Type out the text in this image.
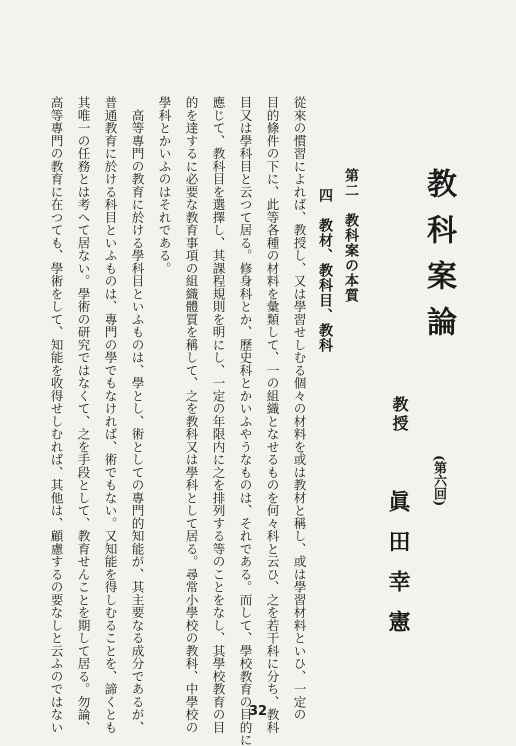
教科案論
(第六回)
教授
眞田幸憲
第二　教科案の本質
四　教材、教科目、教科
從來の慣習によれば、教授し、又は學習せしむる個々の材料を或は教材と稱し、或は學習材料といひ、一定の
目的條件の下に、此等各種の材料を彙類して、一の組織となせるものを何々科と云ひ、之を若干科に分ち、教科
目又は學科目と云つて居る。修身科とか、歷史科とかいふやうなものは、それである。而して、學校教育の目的に
應じて、教科目を選擇し、其課程規則を明にし、一定の年限内に之を排列する等のことをなし、其學校教育の目
的を達するに必要な教育事項の組織體質を稱して、之を教科又は學科として居る。尋常小學校の教科、中學校の
學科とかいふのはそれである。
　高等專門の教育に於ける學科目といふものは、學とし、術としての專門的知能が、其主要なる成分であるが、
普通教育に於ける科目といふものは、專門の學でもなければ、術でもない。又知能を得しむることを、諦くとも
其唯一の任務とは考へて居ない。學術の研究ではなくて、之を手段として、教育せんことを期して居る。勿論、
高等專門の教育に在つても、學術をして、知能を收得せしむれば、其他は、顧慮するの要なしと云ふのではない	32
